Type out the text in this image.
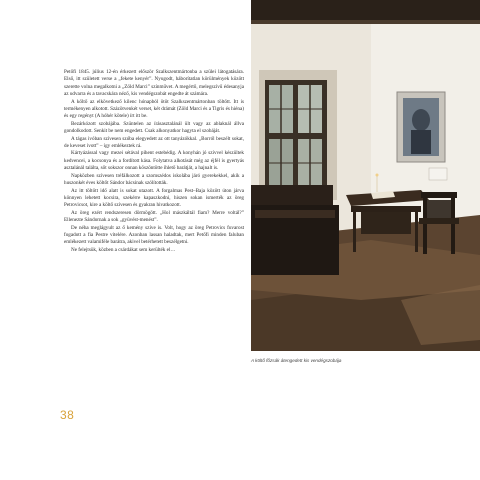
Petőfi 1845. július 12-én érkezett először Szalkszentmártonba a szülei látogatására. Első, itt született verse a „fekete kenyér”. Nyugodt, háborítatlan körülmények között szerette volna megalkotni a „Zöld Marci” színművet. A megértő, melegszívű édesanyja az udvarra és a tavacskára néző, kis vendégszobát engedte át számára.

A költő az elkövetkező kilenc hónapból ötöt Szalkszentmártonban töltött. Itt is termékenyen alkotott. Százötvenkét verset, két drámát (Zöld Marci és a Tigris és hiéna) és egy regényt (A hóhér kötele) írt itt be.

Bezárkózott szobájába. Szüntelen az írásasztalánál ült vagy az ablaknál állva gondolkodott. Senkit be nem engedett. Csak alkonyatkor hagyta el szobáját.

A tágas ivóban szívesen szóba elegyedett az ott tanyázókkal. „Borról beszélt sokat, de keveset ivott” – így emlékeztek rá.

Kártyázással vagy mezei sétával pihent estebédig. A konyhán jó szívvel készültek kedvencei, a kocsonya és a fordított kása. Folytatva alkotását még az éjfél is gyertyás asztalánál találta, sőt sokszor onnan köszöntötte íhlető barátját, a hajnalt is.

Napközben szívesen tréfálkozott a szomszédos iskolába járó gyerekekkel, akik a huszonkét éves költőt Sándor bácsinak szólították.

Az itt töltött idő alatt is sokat utazott. A forgalmas Pest–Baja között úton járva könnyen lehetett kocsira, szekérre kapaszkodni, hiszen sokan ismerték az öreg Petrovicsot, kire a költő szívesen és gyakran hivatkozott.

Az öreg ezért rendszeresen dörmögött. „Hol mászkáltál fiam? Merre voltál?” Ellenezte Sándornak a sok „gyüvést-menést”.

De néha meglágyult az ő kemény szíve is. Volt, hogy az öreg Petrovics fuvarost fogadott a fia Pestre vitelére. Azonban lassan haladtak, mert Petőfi minden faluban emlékezett valamiféle barátra, akivel betérhetett beszélgetni.

Ne felejtsük, közben a csárdákat sem kerülték el…

38
A költő főzsák átengedett kis vendégszobája
